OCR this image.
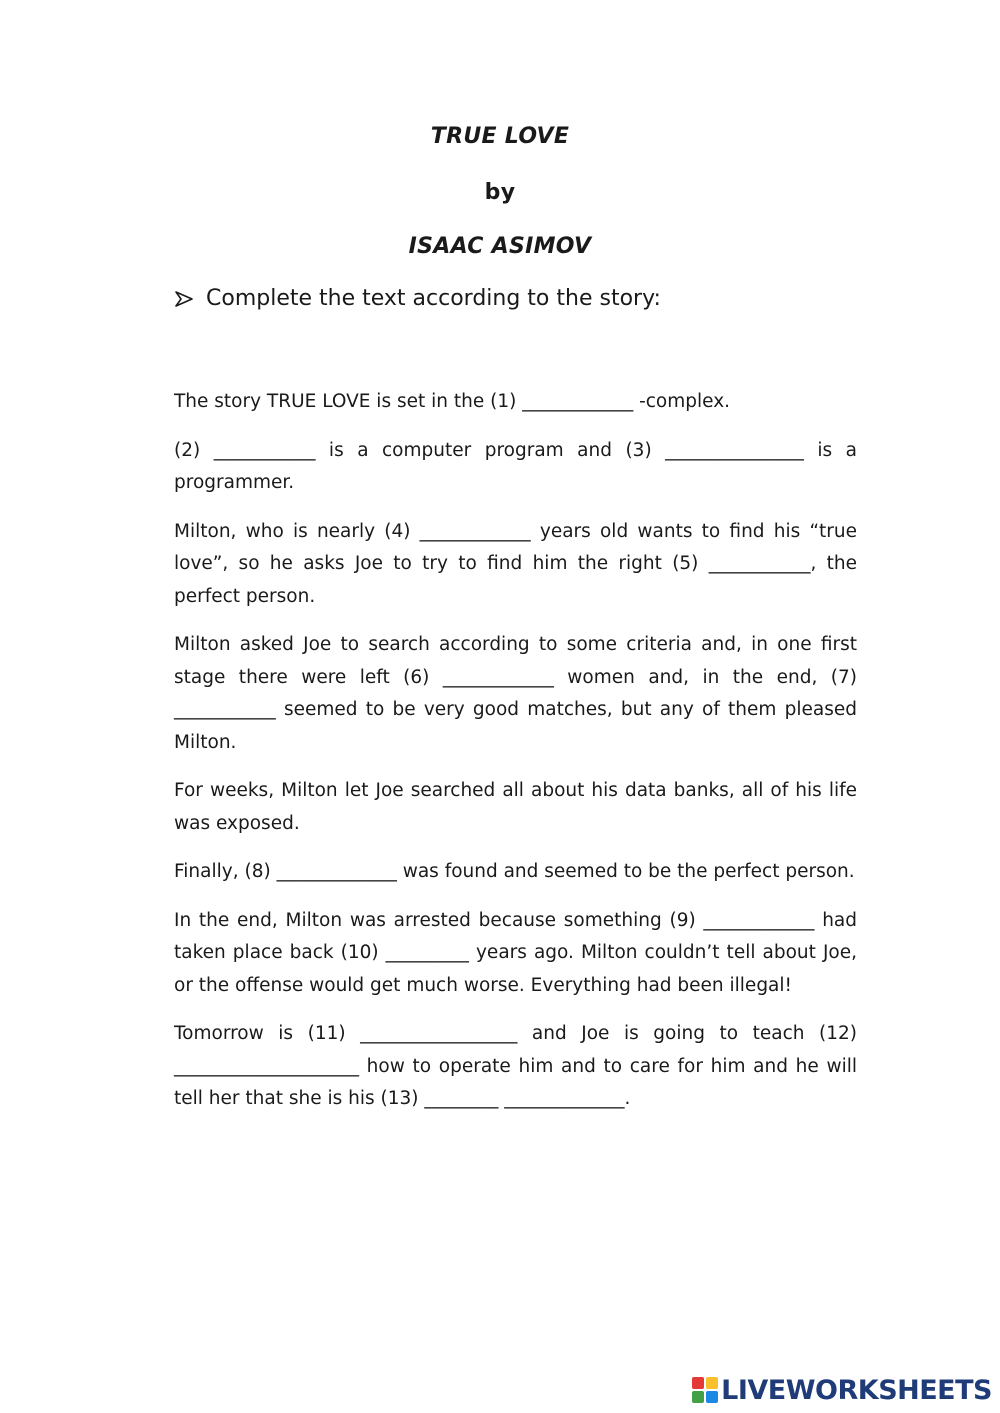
TRUE LOVE
by
ISAAC ASIMOV
Complete the text according to the story:

The story TRUE LOVE is set in the (1) ____________ -complex.

(2) ___________ is a computer program and (3) _______________ is a programmer.

Milton, who is nearly (4) ____________ years old wants to find his “true love”, so he asks Joe to try to find him the right (5) ___________, the perfect person.

Milton asked Joe to search according to some criteria and, in one first stage there were left (6) ____________ women and, in the end, (7) ___________ seemed to be very good matches, but any of them pleased Milton.

For weeks, Milton let Joe searched all about his data banks, all of his life was exposed.

Finally, (8) _____________ was found and seemed to be the perfect person.

In the end, Milton was arrested because something (9) ____________ had taken place back (10) _________ years ago. Milton couldn’t tell about Joe, or the offense would get much worse. Everything had been illegal!

Tomorrow is (11) _________________ and Joe is going to teach (12) ____________________ how to operate him and to care for him and he will tell her that she is his (13) ________ _____________.

LIVEWORKSHEETS
